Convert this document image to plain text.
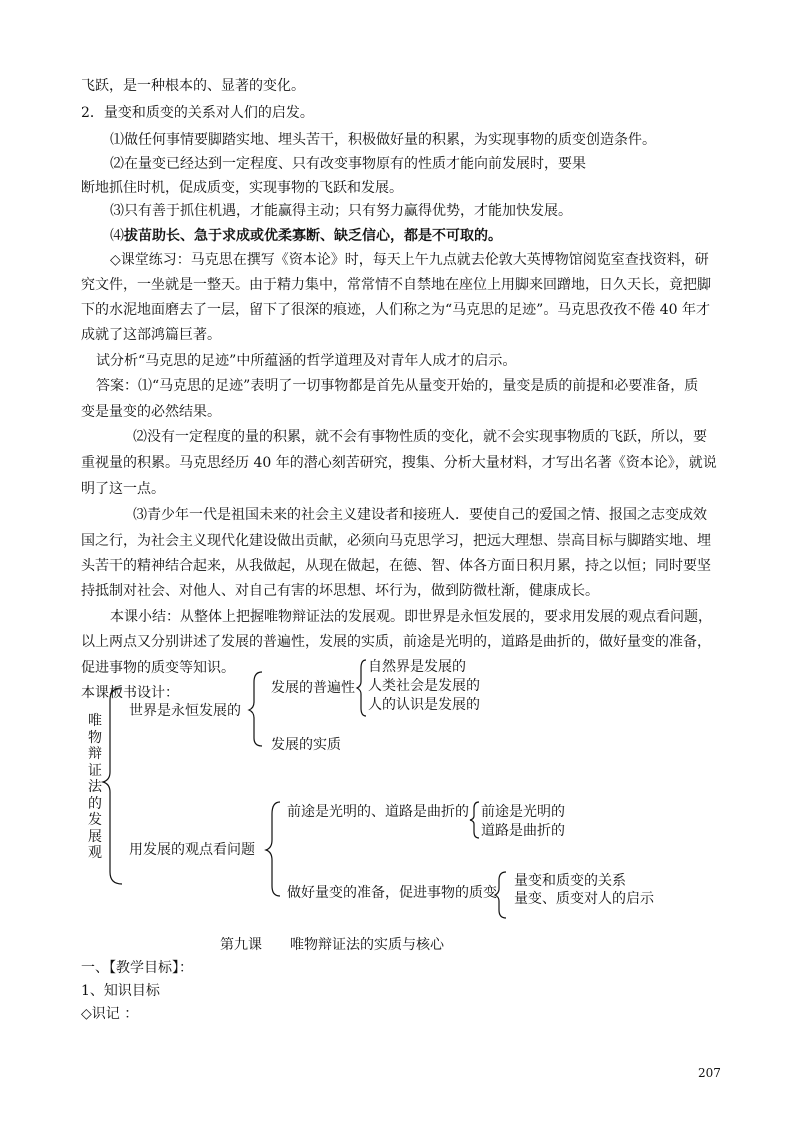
飞跃，是一种根本的、显著的变化。
2．量变和质变的关系对人们的启发。
⑴做任何事情要脚踏实地、埋头苦干，积极做好量的积累，为实现事物的质变创造条件。
⑵在量变已经达到一定程度、只有改变事物原有的性质才能向前发展时，要果
断地抓住时机，促成质变，实现事物的飞跃和发展。
⑶只有善于抓住机遇，才能赢得主动；只有努力赢得优势，才能加快发展。
⑷拔苗助长、急于求成或优柔寡断、缺乏信心，都是不可取的。
◇课堂练习：马克思在撰写《资本论》时，每天上午九点就去伦敦大英博物馆阅览室查找资料，研
究文件，一坐就是一整天。由于精力集中，常常情不自禁地在座位上用脚来回蹭地，日久天长，竟把脚
下的水泥地面磨去了一层，留下了很深的痕迹，人们称之为“马克思的足迹”。马克思孜孜不倦 40 年才
成就了这部鸿篇巨著。
试分析“马克思的足迹”中所蕴涵的哲学道理及对青年人成才的启示。
答案：⑴“马克思的足迹”表明了一切事物都是首先从量变开始的，量变是质的前提和必要准备，质
变是量变的必然结果。
⑵没有一定程度的量的积累，就不会有事物性质的变化，就不会实现事物质的飞跃，所以，要
重视量的积累。马克思经历 40 年的潜心刻苦研究，搜集、分析大量材料，才写出名著《资本论》，就说
明了这一点。
⑶青少年一代是祖国未来的社会主义建设者和接班人．要使自己的爱国之情、报国之志变成效
国之行，为社会主义现代化建设做出贡献，必须向马克思学习，把远大理想、崇高目标与脚踏实地、埋
头苦干的精神结合起来，从我做起，从现在做起，在德、智、体各方面日积月累，持之以恒；同时要坚
持抵制对社会、对他人、对自己有害的坏思想、坏行为，做到防微杜渐，健康成长。
本课小结：从整体上把握唯物辩证法的发展观。即世界是永恒发展的，要求用发展的观点看问题，
以上两点又分别讲述了发展的普遍性，发展的实质，前途是光明的，道路是曲折的，做好量变的准备，
促进事物的质变等知识。
本课板书设计：
唯
物
辩
证
法
的
发
展
观
世界是永恒发展的
发展的普遍性
自然界是发展的
人类社会是发展的
人的认识是发展的
发展的实质
用发展的观点看问题
前途是光明的、道路是曲折的 前途是光明的
道路是曲折的
做好量变的准备，促进事物的质变
量变和质变的关系
量变、质变对人的启示
第九课　　唯物辩证法的实质与核心
一、【教学目标】：
1、知识目标
◇识记 ：
207
